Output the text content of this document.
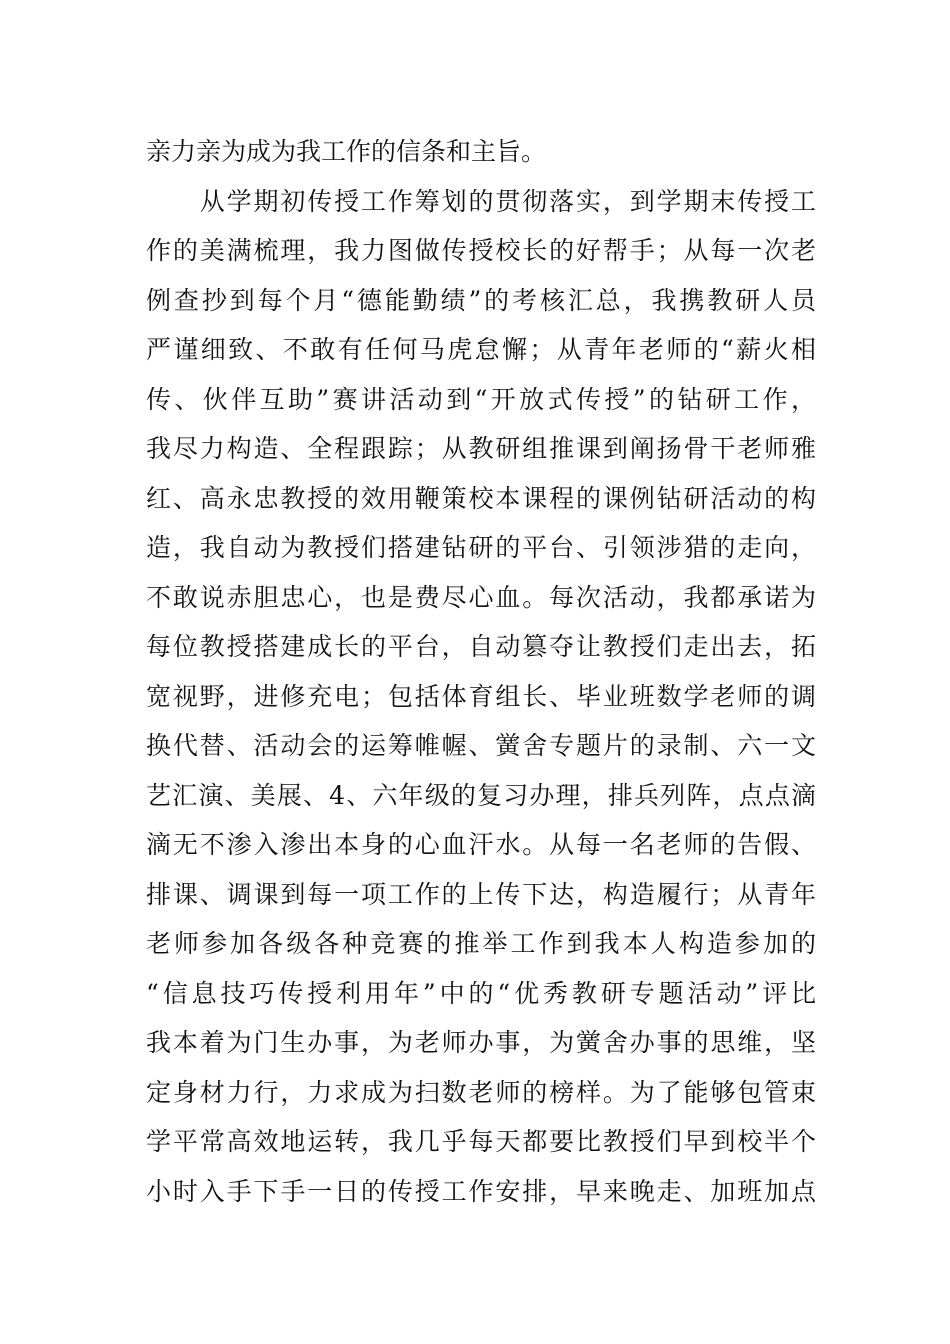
亲力亲为成为我工作的信条和主旨。
　　从学期初传授工作筹划的贯彻落实，到学期末传授工
作的美满梳理，我力图做传授校长的好帮手；从每一次老
例查抄到每个月“德能勤绩”的考核汇总，我携教研人员
严谨细致、不敢有任何马虎怠懈；从青年老师的“薪火相
传、伙伴互助”赛讲活动到“开放式传授”的钻研工作，
我尽力构造、全程跟踪；从教研组推课到阐扬骨干老师雅
红、高永忠教授的效用鞭策校本课程的课例钻研活动的构
造，我自动为教授们搭建钻研的平台、引领涉猎的走向，
不敢说赤胆忠心，也是费尽心血。每次活动，我都承诺为
每位教授搭建成长的平台，自动篡夺让教授们走出去，拓
宽视野，进修充电；包括体育组长、毕业班数学老师的调
换代替、活动会的运筹帷幄、黉舍专题片的录制、六一文
艺汇演、美展、4、六年级的复习办理，排兵列阵，点点滴
滴无不渗入渗出本身的心血汗水。从每一名老师的告假、
排课、调课到每一项工作的上传下达，构造履行；从青年
老师参加各级各种竞赛的推举工作到我本人构造参加的
“信息技巧传授利用年”中的“优秀教研专题活动”评比
我本着为门生办事，为老师办事，为黉舍办事的思维，坚
定身材力行，力求成为扫数老师的榜样。为了能够包管束
学平常高效地运转，我几乎每天都要比教授们早到校半个
小时入手下手一日的传授工作安排，早来晚走、加班加点
